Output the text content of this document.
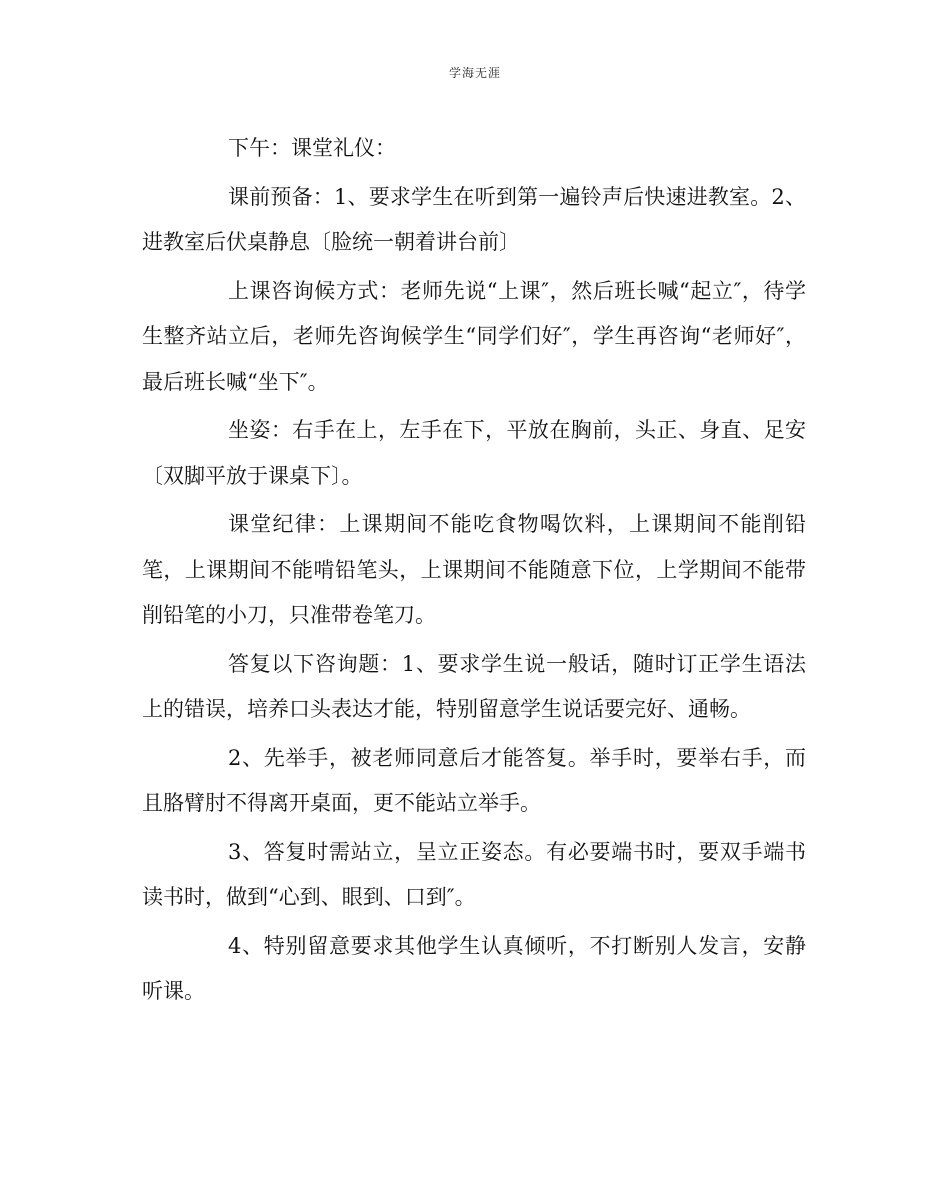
学海无涯

下午：课堂礼仪：

课前预备：1、要求学生在听到第一遍铃声后快速进教室。2、进教室后伏桌静息〔脸统一朝着讲台前〕

上课咨询候方式：老师先说“上课″，然后班长喊“起立″，待学生整齐站立后，老师先咨询候学生“同学们好″，学生再咨询“老师好″，最后班长喊“坐下″。

坐姿：右手在上，左手在下，平放在胸前，头正、身直、足安〔双脚平放于课桌下〕。

课堂纪律：上课期间不能吃食物喝饮料，上课期间不能削铅笔，上课期间不能啃铅笔头，上课期间不能随意下位，上学期间不能带削铅笔的小刀，只准带卷笔刀。

答复以下咨询题：1、要求学生说一般话，随时订正学生语法上的错误，培养口头表达才能，特别留意学生说话要完好、通畅。

2、先举手，被老师同意后才能答复。举手时，要举右手，而且胳臂肘不得离开桌面，更不能站立举手。

3、答复时需站立，呈立正姿态。有必要端书时，要双手端书读书时，做到“心到、眼到、口到″。

4、特别留意要求其他学生认真倾听，不打断别人发言，安静听课。
